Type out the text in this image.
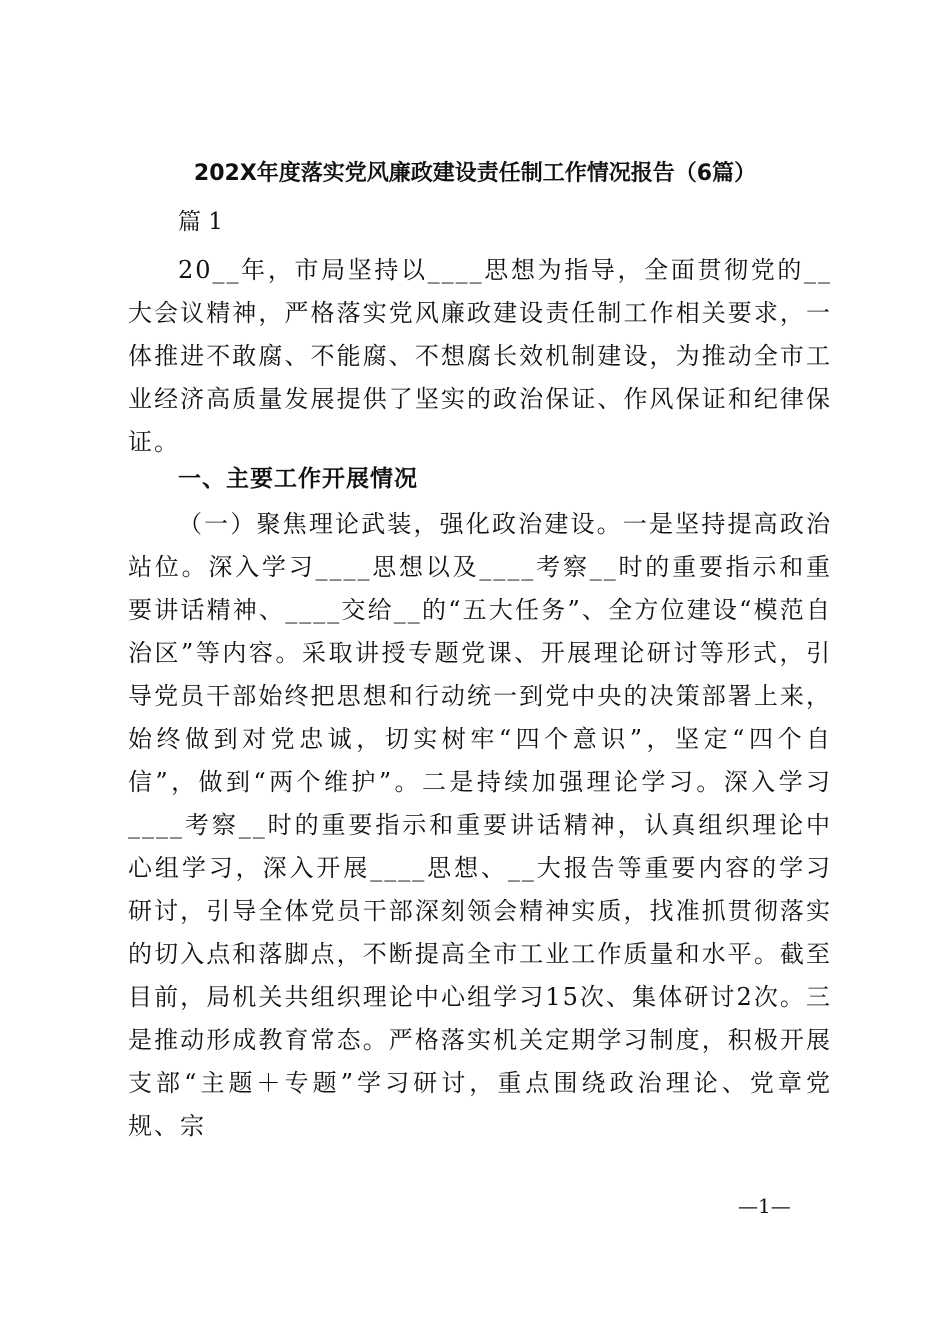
202X年度落实党风廉政建设责任制工作情况报告（6篇）
篇 1

20__年，市局坚持以____思想为指导，全面贯彻党的__大会议精神，严格落实党风廉政建设责任制工作相关要求，一体推进不敢腐、不能腐、不想腐长效机制建设，为推动全市工业经济高质量发展提供了坚实的政治保证、作风保证和纪律保证。

一、主要工作开展情况

（一）聚焦理论武装，强化政治建设。一是坚持提高政治站位。深入学习____思想以及____考察__时的重要指示和重要讲话精神、____交给__的“五大任务”、全方位建设“模范自治区”等内容。采取讲授专题党课、开展理论研讨等形式，引导党员干部始终把思想和行动统一到党中央的决策部署上来，始终做到对党忠诚，切实树牢“四个意识”，坚定“四个自信”，做到“两个维护”。二是持续加强理论学习。深入学习____考察__时的重要指示和重要讲话精神，认真组织理论中心组学习，深入开展____思想、__大报告等重要内容的学习研讨，引导全体党员干部深刻领会精神实质，找准抓贯彻落实的切入点和落脚点，不断提高全市工业工作质量和水平。截至目前，局机关共组织理论中心组学习15次、集体研讨2次。三是推动形成教育常态。严格落实机关定期学习制度，积极开展支部“主题＋专题”学习研讨，重点围绕政治理论、党章党规、宗

—1—
